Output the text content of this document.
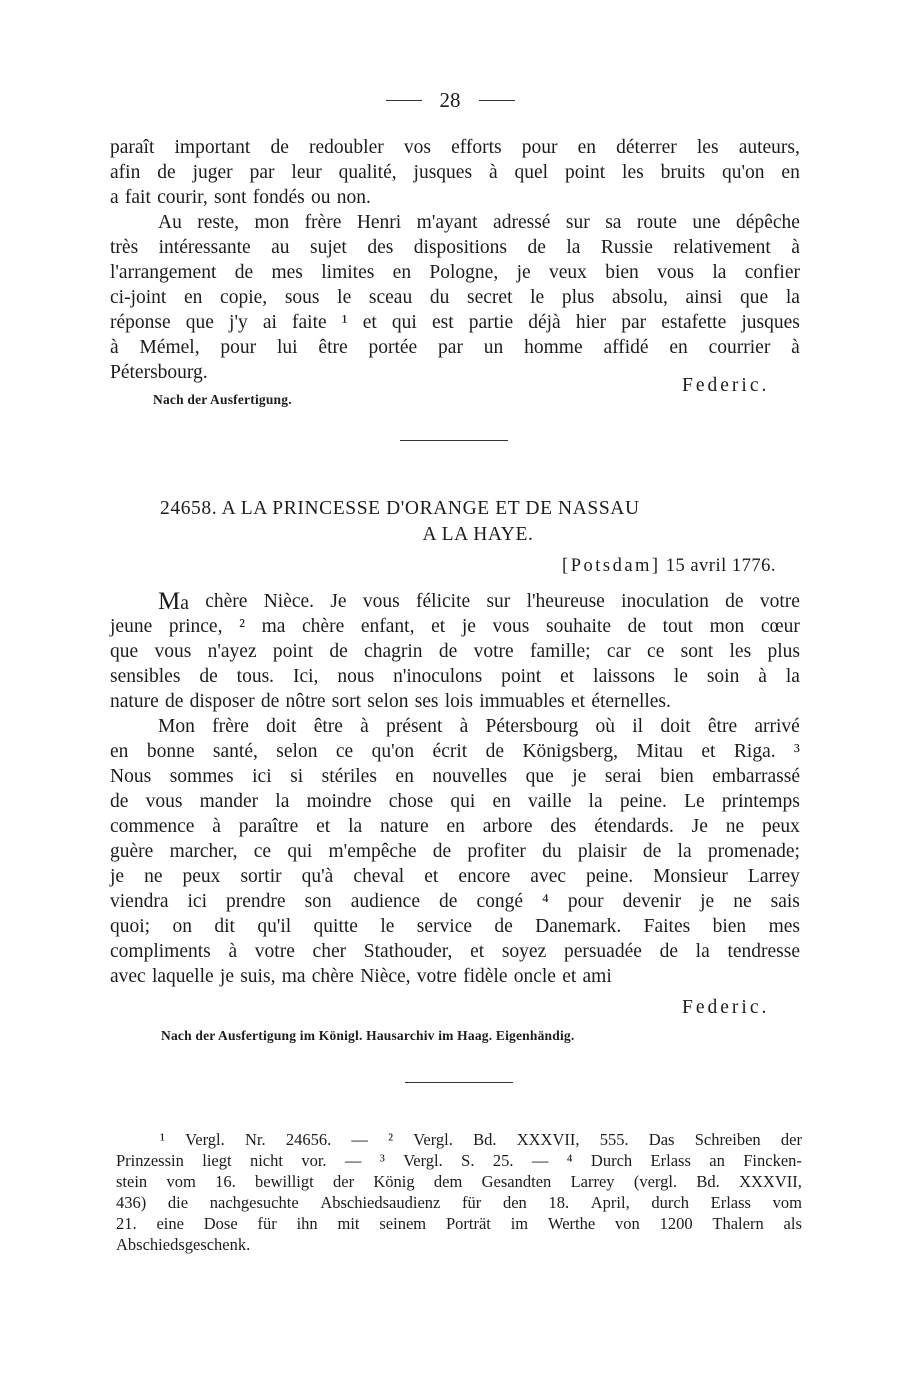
28
paraît important de redoubler vos efforts pour en déterrer les auteurs,
afin de juger par leur qualité, jusques à quel point les bruits qu'on en
a fait courir, sont fondés ou non.
Au reste, mon frère Henri m'ayant adressé sur sa route une dépêche
très intéressante au sujet des dispositions de la Russie relativement à
l'arrangement de mes limites en Pologne, je veux bien vous la confier
ci-joint en copie, sous le sceau du secret le plus absolu, ainsi que la
réponse que j'y ai faite ¹ et qui est partie déjà hier par estafette jusques
à Mémel, pour lui être portée par un homme affidé en courrier à
Pétersbourg.
Federic.
Nach der Ausfertigung.
24658. A LA PRINCESSE D'ORANGE ET DE NASSAU
A LA HAYE.
[Potsdam] 15 avril 1776.
Ma chère Nièce. Je vous félicite sur l'heureuse inoculation de votre
jeune prince, ² ma chère enfant, et je vous souhaite de tout mon cœur
que vous n'ayez point de chagrin de votre famille; car ce sont les plus
sensibles de tous. Ici, nous n'inoculons point et laissons le soin à la
nature de disposer de nôtre sort selon ses lois immuables et éternelles.
Mon frère doit être à présent à Pétersbourg où il doit être arrivé
en bonne santé, selon ce qu'on écrit de Königsberg, Mitau et Riga. ³
Nous sommes ici si stériles en nouvelles que je serai bien embarrassé
de vous mander la moindre chose qui en vaille la peine. Le printemps
commence à paraître et la nature en arbore des étendards. Je ne peux
guère marcher, ce qui m'empêche de profiter du plaisir de la promenade;
je ne peux sortir qu'à cheval et encore avec peine. Monsieur Larrey
viendra ici prendre son audience de congé ⁴ pour devenir je ne sais
quoi; on dit qu'il quitte le service de Danemark. Faites bien mes
compliments à votre cher Stathouder, et soyez persuadée de la tendresse
avec laquelle je suis, ma chère Nièce, votre fidèle oncle et ami
Federic.
Nach der Ausfertigung im Königl. Hausarchiv im Haag. Eigenhändig.
¹ Vergl. Nr. 24656. — ² Vergl. Bd. XXXVII, 555. Das Schreiben der
Prinzessin liegt nicht vor. — ³ Vergl. S. 25. — ⁴ Durch Erlass an Fincken-
stein vom 16. bewilligt der König dem Gesandten Larrey (vergl. Bd. XXXVII,
436) die nachgesuchte Abschiedsaudienz für den 18. April, durch Erlass vom
21. eine Dose für ihn mit seinem Porträt im Werthe von 1200 Thalern als
Abschiedsgeschenk.
